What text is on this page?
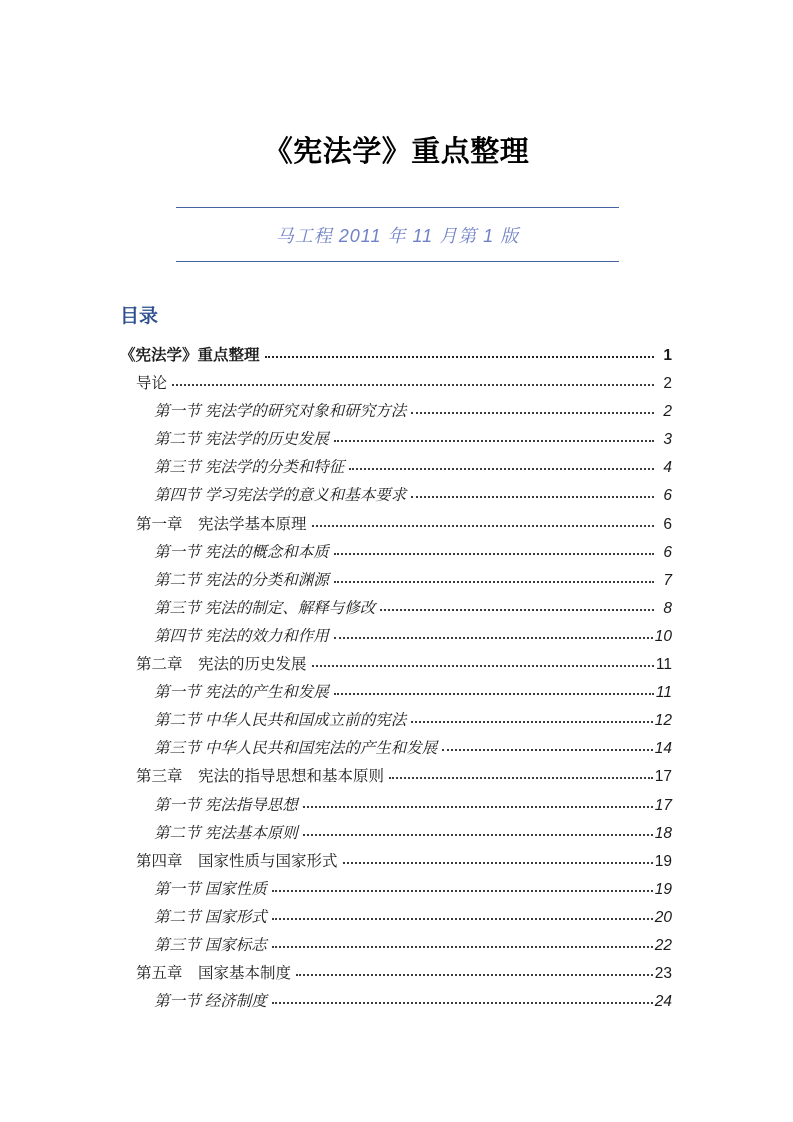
《宪法学》重点整理

马工程 2011 年 11 月第 1 版

目录
《宪法学》重点整理	1
导论	2
第一节 宪法学的研究对象和研究方法	2
第二节 宪法学的历史发展	3
第三节 宪法学的分类和特征	4
第四节 学习宪法学的意义和基本要求	6
第一章　宪法学基本原理	6
第一节 宪法的概念和本质	6
第二节 宪法的分类和渊源	7
第三节 宪法的制定、解释与修改	8
第四节 宪法的效力和作用	10
第二章　宪法的历史发展	11
第一节 宪法的产生和发展	11
第二节 中华人民共和国成立前的宪法	12
第三节 中华人民共和国宪法的产生和发展	14
第三章　宪法的指导思想和基本原则	17
第一节 宪法指导思想	17
第二节 宪法基本原则	18
第四章　国家性质与国家形式	19
第一节 国家性质	19
第二节 国家形式	20
第三节 国家标志	22
第五章　国家基本制度	23
第一节 经济制度	24
